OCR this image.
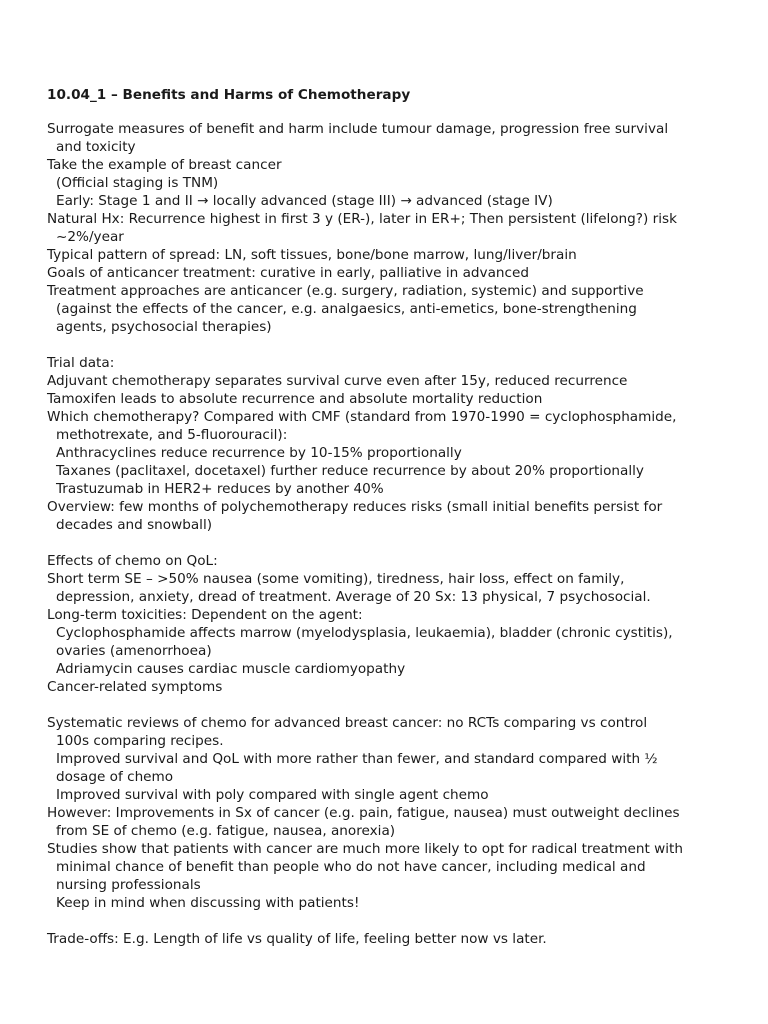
10.04_1 – Benefits and Harms of Chemotherapy
Surrogate measures of benefit and harm include tumour damage, progression free survival
and toxicity
Take the example of breast cancer
(Official staging is TNM)
Early: Stage 1 and II → locally advanced (stage III) → advanced (stage IV)
Natural Hx: Recurrence highest in first 3 y (ER-), later in ER+; Then persistent (lifelong?) risk
~2%/year
Typical pattern of spread: LN, soft tissues, bone/bone marrow, lung/liver/brain
Goals of anticancer treatment: curative in early, palliative in advanced
Treatment approaches are anticancer (e.g. surgery, radiation, systemic) and supportive
(against the effects of the cancer, e.g. analgaesics, anti-emetics, bone-strengthening
agents, psychosocial therapies)
Trial data:
Adjuvant chemotherapy separates survival curve even after 15y, reduced recurrence
Tamoxifen leads to absolute recurrence and absolute mortality reduction
Which chemotherapy? Compared with CMF (standard from 1970-1990 = cyclophosphamide,
methotrexate, and 5-fluorouracil):
Anthracyclines reduce recurrence by 10-15% proportionally
Taxanes (paclitaxel, docetaxel) further reduce recurrence by about 20% proportionally
Trastuzumab in HER2+ reduces by another 40%
Overview: few months of polychemotherapy reduces risks (small initial benefits persist for
decades and snowball)
Effects of chemo on QoL:
Short term SE – >50% nausea (some vomiting), tiredness, hair loss, effect on family,
depression, anxiety, dread of treatment. Average of 20 Sx: 13 physical, 7 psychosocial.
Long-term toxicities: Dependent on the agent:
Cyclophosphamide affects marrow (myelodysplasia, leukaemia), bladder (chronic cystitis),
ovaries (amenorrhoea)
Adriamycin causes cardiac muscle cardiomyopathy
Cancer-related symptoms
Systematic reviews of chemo for advanced breast cancer: no RCTs comparing vs control
100s comparing recipes.
Improved survival and QoL with more rather than fewer, and standard compared with ½
dosage of chemo
Improved survival with poly compared with single agent chemo
However: Improvements in Sx of cancer (e.g. pain, fatigue, nausea) must outweight declines
from SE of chemo (e.g. fatigue, nausea, anorexia)
Studies show that patients with cancer are much more likely to opt for radical treatment with
minimal chance of benefit than people who do not have cancer, including medical and
nursing professionals
Keep in mind when discussing with patients!
Trade-offs: E.g. Length of life vs quality of life, feeling better now vs later.
